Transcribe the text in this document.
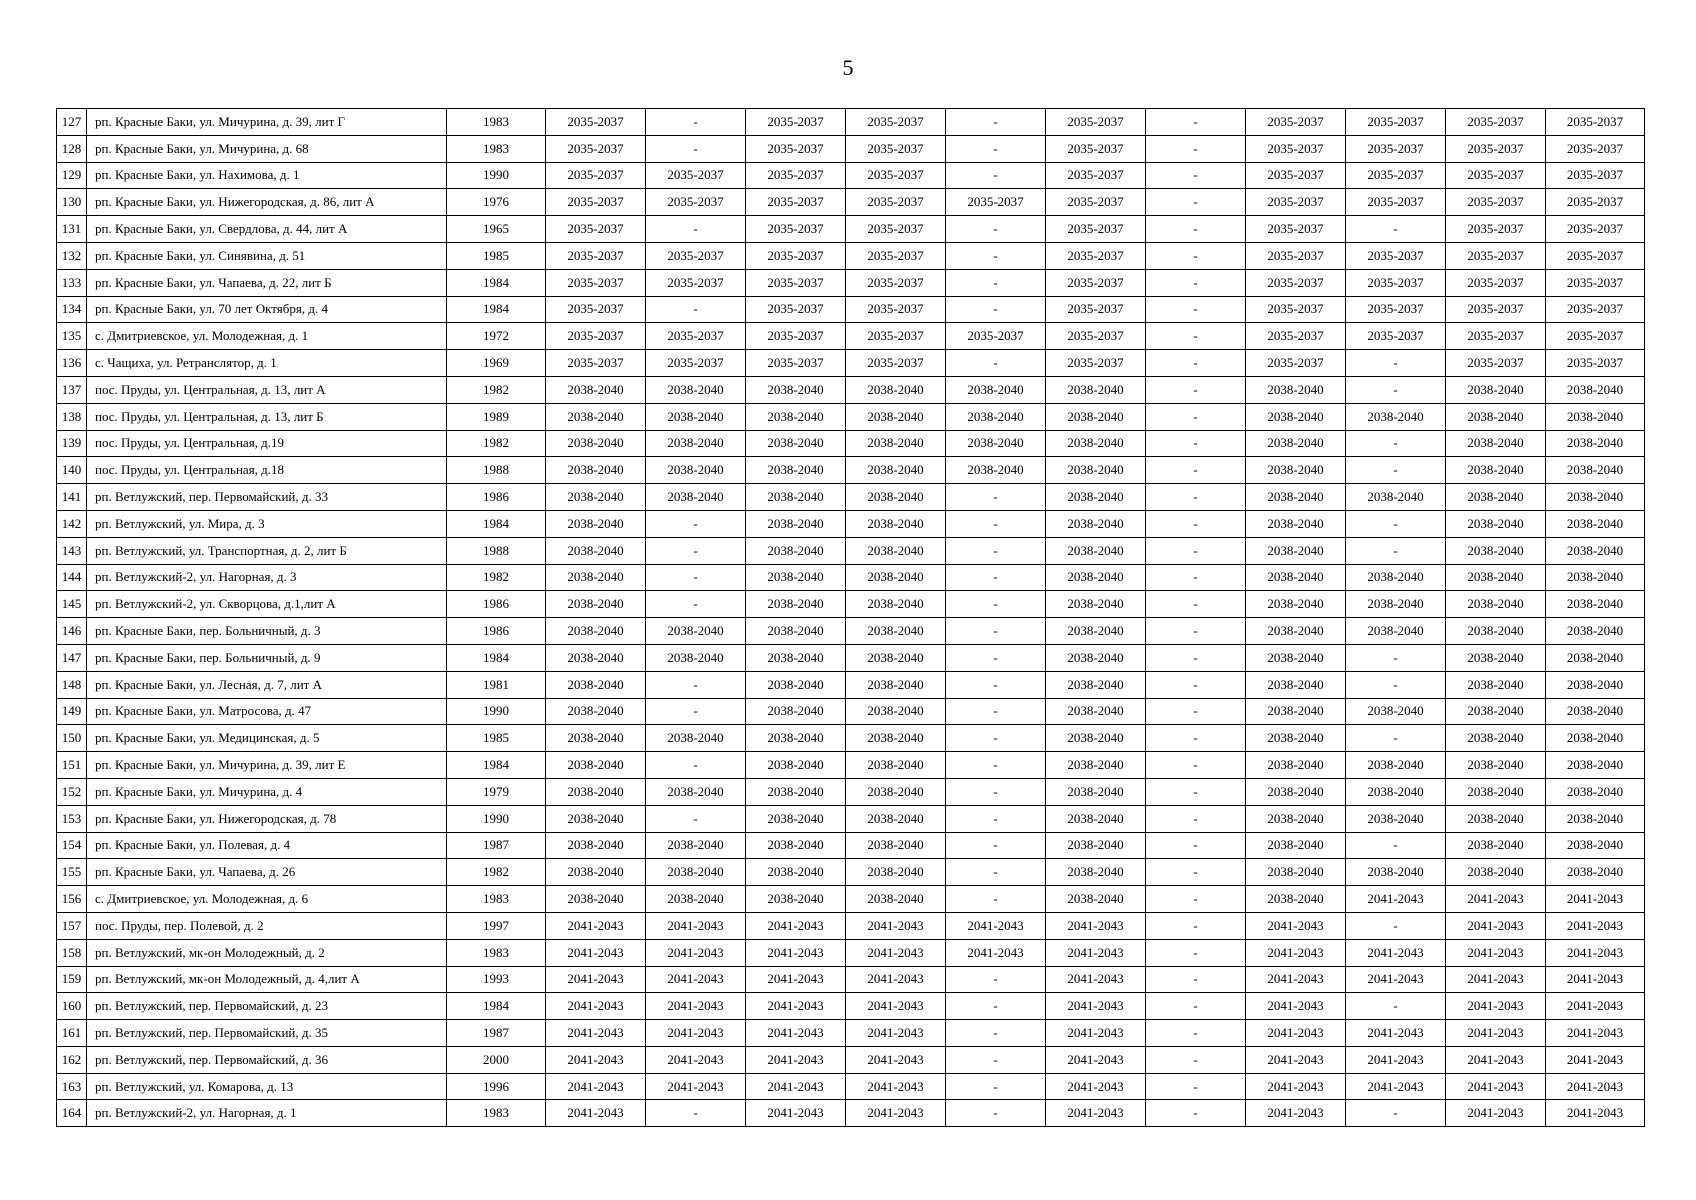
5
127	рп. Красные Баки, ул. Мичурина, д. 39, лит Г	1983	2035-2037	-	2035-2037	2035-2037	-	2035-2037	-	2035-2037	2035-2037	2035-2037	2035-2037
128	рп. Красные Баки, ул. Мичурина, д. 68	1983	2035-2037	-	2035-2037	2035-2037	-	2035-2037	-	2035-2037	2035-2037	2035-2037	2035-2037
129	рп. Красные Баки, ул. Нахимова, д. 1	1990	2035-2037	2035-2037	2035-2037	2035-2037	-	2035-2037	-	2035-2037	2035-2037	2035-2037	2035-2037
130	рп. Красные Баки, ул. Нижегородская, д. 86, лит А	1976	2035-2037	2035-2037	2035-2037	2035-2037	2035-2037	2035-2037	-	2035-2037	2035-2037	2035-2037	2035-2037
131	рп. Красные Баки, ул. Свердлова, д. 44, лит А	1965	2035-2037	-	2035-2037	2035-2037	-	2035-2037	-	2035-2037	-	2035-2037	2035-2037
132	рп. Красные Баки, ул. Синявина, д. 51	1985	2035-2037	2035-2037	2035-2037	2035-2037	-	2035-2037	-	2035-2037	2035-2037	2035-2037	2035-2037
133	рп. Красные Баки, ул. Чапаева, д. 22, лит Б	1984	2035-2037	2035-2037	2035-2037	2035-2037	-	2035-2037	-	2035-2037	2035-2037	2035-2037	2035-2037
134	рп. Красные Баки, ул. 70 лет Октября, д. 4	1984	2035-2037	-	2035-2037	2035-2037	-	2035-2037	-	2035-2037	2035-2037	2035-2037	2035-2037
135	с. Дмитриевское, ул. Молодежная, д. 1	1972	2035-2037	2035-2037	2035-2037	2035-2037	2035-2037	2035-2037	-	2035-2037	2035-2037	2035-2037	2035-2037
136	с. Чащиха, ул. Ретранслятор, д. 1	1969	2035-2037	2035-2037	2035-2037	2035-2037	-	2035-2037	-	2035-2037	-	2035-2037	2035-2037
137	пос. Пруды, ул. Центральная, д. 13, лит А	1982	2038-2040	2038-2040	2038-2040	2038-2040	2038-2040	2038-2040	-	2038-2040	-	2038-2040	2038-2040
138	пос. Пруды, ул. Центральная, д. 13, лит Б	1989	2038-2040	2038-2040	2038-2040	2038-2040	2038-2040	2038-2040	-	2038-2040	2038-2040	2038-2040	2038-2040
139	пос. Пруды, ул. Центральная, д.19	1982	2038-2040	2038-2040	2038-2040	2038-2040	2038-2040	2038-2040	-	2038-2040	-	2038-2040	2038-2040
140	пос. Пруды, ул. Центральная, д.18	1988	2038-2040	2038-2040	2038-2040	2038-2040	2038-2040	2038-2040	-	2038-2040	-	2038-2040	2038-2040
141	рп. Ветлужский, пер. Первомайский, д. 33	1986	2038-2040	2038-2040	2038-2040	2038-2040	-	2038-2040	-	2038-2040	2038-2040	2038-2040	2038-2040
142	рп. Ветлужский, ул. Мира, д. 3	1984	2038-2040	-	2038-2040	2038-2040	-	2038-2040	-	2038-2040	-	2038-2040	2038-2040
143	рп. Ветлужский, ул. Транспортная, д. 2, лит Б	1988	2038-2040	-	2038-2040	2038-2040	-	2038-2040	-	2038-2040	-	2038-2040	2038-2040
144	рп. Ветлужский-2, ул. Нагорная, д. 3	1982	2038-2040	-	2038-2040	2038-2040	-	2038-2040	-	2038-2040	2038-2040	2038-2040	2038-2040
145	рп. Ветлужский-2, ул. Скворцова, д.1,лит А	1986	2038-2040	-	2038-2040	2038-2040	-	2038-2040	-	2038-2040	2038-2040	2038-2040	2038-2040
146	рп. Красные Баки, пер. Больничный, д. 3	1986	2038-2040	2038-2040	2038-2040	2038-2040	-	2038-2040	-	2038-2040	2038-2040	2038-2040	2038-2040
147	рп. Красные Баки, пер. Больничный, д. 9	1984	2038-2040	2038-2040	2038-2040	2038-2040	-	2038-2040	-	2038-2040	-	2038-2040	2038-2040
148	рп. Красные Баки, ул. Лесная, д. 7, лит А	1981	2038-2040	-	2038-2040	2038-2040	-	2038-2040	-	2038-2040	-	2038-2040	2038-2040
149	рп. Красные Баки, ул. Матросова, д. 47	1990	2038-2040	-	2038-2040	2038-2040	-	2038-2040	-	2038-2040	2038-2040	2038-2040	2038-2040
150	рп. Красные Баки, ул. Медицинская, д. 5	1985	2038-2040	2038-2040	2038-2040	2038-2040	-	2038-2040	-	2038-2040	-	2038-2040	2038-2040
151	рп. Красные Баки, ул. Мичурина, д. 39, лит Е	1984	2038-2040	-	2038-2040	2038-2040	-	2038-2040	-	2038-2040	2038-2040	2038-2040	2038-2040
152	рп. Красные Баки, ул. Мичурина, д. 4	1979	2038-2040	2038-2040	2038-2040	2038-2040	-	2038-2040	-	2038-2040	2038-2040	2038-2040	2038-2040
153	рп. Красные Баки, ул. Нижегородская, д. 78	1990	2038-2040	-	2038-2040	2038-2040	-	2038-2040	-	2038-2040	2038-2040	2038-2040	2038-2040
154	рп. Красные Баки, ул. Полевая, д. 4	1987	2038-2040	2038-2040	2038-2040	2038-2040	-	2038-2040	-	2038-2040	-	2038-2040	2038-2040
155	рп. Красные Баки, ул. Чапаева, д. 26	1982	2038-2040	2038-2040	2038-2040	2038-2040	-	2038-2040	-	2038-2040	2038-2040	2038-2040	2038-2040
156	с. Дмитриевское, ул. Молодежная, д. 6	1983	2038-2040	2038-2040	2038-2040	2038-2040	-	2038-2040	-	2038-2040	2041-2043	2041-2043	2041-2043
157	пос. Пруды, пер. Полевой, д. 2	1997	2041-2043	2041-2043	2041-2043	2041-2043	2041-2043	2041-2043	-	2041-2043	-	2041-2043	2041-2043
158	рп. Ветлужский, мк-он Молодежный, д. 2	1983	2041-2043	2041-2043	2041-2043	2041-2043	2041-2043	2041-2043	-	2041-2043	2041-2043	2041-2043	2041-2043
159	рп. Ветлужский, мк-он Молодежный, д. 4,лит А	1993	2041-2043	2041-2043	2041-2043	2041-2043	-	2041-2043	-	2041-2043	2041-2043	2041-2043	2041-2043
160	рп. Ветлужский, пер. Первомайский, д. 23	1984	2041-2043	2041-2043	2041-2043	2041-2043	-	2041-2043	-	2041-2043	-	2041-2043	2041-2043
161	рп. Ветлужский, пер. Первомайский, д. 35	1987	2041-2043	2041-2043	2041-2043	2041-2043	-	2041-2043	-	2041-2043	2041-2043	2041-2043	2041-2043
162	рп. Ветлужский, пер. Первомайский, д. 36	2000	2041-2043	2041-2043	2041-2043	2041-2043	-	2041-2043	-	2041-2043	2041-2043	2041-2043	2041-2043
163	рп. Ветлужский, ул. Комарова, д. 13	1996	2041-2043	2041-2043	2041-2043	2041-2043	-	2041-2043	-	2041-2043	2041-2043	2041-2043	2041-2043
164	рп. Ветлужский-2, ул. Нагорная, д. 1	1983	2041-2043	-	2041-2043	2041-2043	-	2041-2043	-	2041-2043	-	2041-2043	2041-2043
